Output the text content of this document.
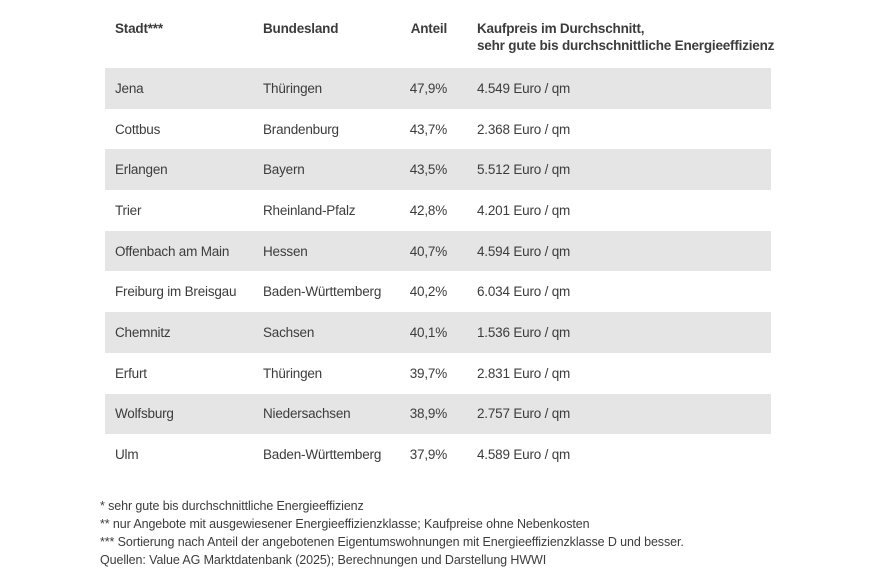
Stadt***	Bundesland	Anteil Kaufpreis im Durchschnitt,
sehr gute bis durchschnittliche Energieeffizienz
Jena	Thüringen	47,9% 4.549 Euro / qm
Cottbus	Brandenburg	43,7% 2.368 Euro / qm
Erlangen	Bayern	43,5% 5.512 Euro / qm
Trier	Rheinland-Pfalz	42,8% 4.201 Euro / qm
Offenbach am Main	Hessen	40,7% 4.594 Euro / qm
Freiburg im Breisgau	Baden-Württemberg	40,2% 6.034 Euro / qm
Chemnitz	Sachsen	40,1% 1.536 Euro / qm
Erfurt	Thüringen	39,7% 2.831 Euro / qm
Wolfsburg	Niedersachsen	38,9% 2.757 Euro / qm
Ulm	Baden-Württemberg	37,9% 4.589 Euro / qm
* sehr gute bis durchschnittliche Energieeffizienz
** nur Angebote mit ausgewiesener Energieeffizienzklasse; Kaufpreise ohne Nebenkosten
*** Sortierung nach Anteil der angebotenen Eigentumswohnungen mit Energieeffizienzklasse D und besser.
Quellen: Value AG Marktdatenbank (2025); Berechnungen und Darstellung HWWI
